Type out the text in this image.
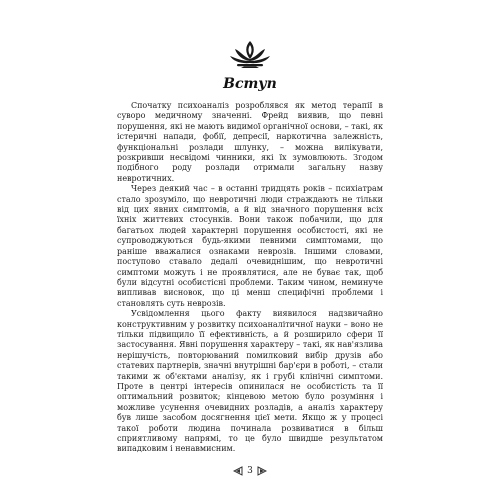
Вступ

Спочатку психоаналіз розроблявся як метод терапії в суворо медичному значенні. Фрейд виявив, що певні порушення, які не мають видимої органічної основи, – такі, як істеричні напади, фобії, депресії, наркотична залежність, функціональні розлади шлунку, – можна вилікувати, розкривши несвідомі чинники, які їх зумовлюють. Згодом подібного роду розлади отримали загальну назву невротичних.

Через деякий час – в останні тридцять років – психіатрам стало зрозуміло, що невротичні люди страждають не тільки від цих явних симптомів, а й від значного порушення всіх їхніх життєвих стосунків. Вони також побачили, що для багатьох людей характерні порушення особистості, які не супроводжуються будь-якими певними симптомами, що раніше вважалися ознаками неврозів. Іншими словами, поступово ставало дедалі очевиднішим, що невротичні симптоми можуть і не проявлятися, але не буває так, щоб були відсутні особистісні проблеми. Таким чином, неминуче випливав висновок, що ці менш специфічні проблеми і становлять суть неврозів.

Усвідомлення цього факту виявилося надзвичайно конструктивним у розвитку психоаналітичної науки – воно не тільки підвищило її ефективність, а й розширило сфери її застосування. Явні порушення характеру – такі, як нав'язлива нерішучість, повторюваний помилковий вибір друзів або статевих партнерів, значні внутрішні бар'єри в роботі, – стали такими ж об'єктами аналізу, як і грубі клінічні симптоми. Проте в центрі інтересів опинилася не особистість та її оптимальний розвиток; кінцевою метою було розуміння і можливе усунення очевидних розладів, а аналіз характеру був лише засобом досягнення цієї мети. Якщо ж у процесі такої роботи людина починала розвиватися в більш сприятливому напрямі, то це було швидше результатом випадковим і ненавмисним.

3
